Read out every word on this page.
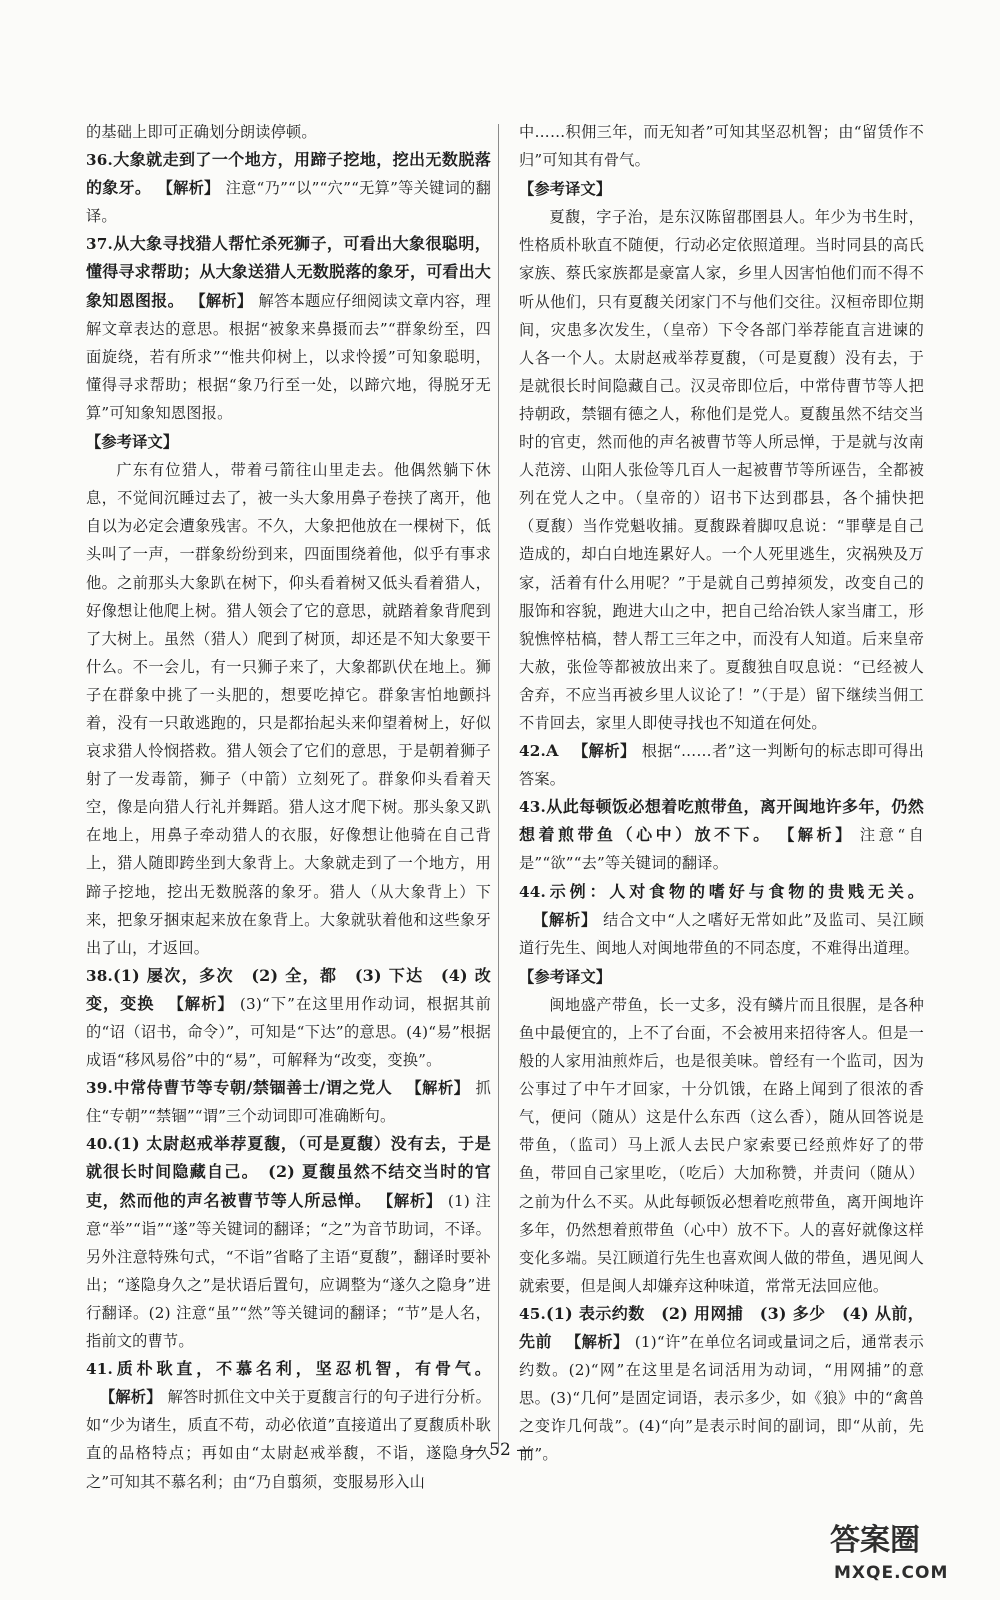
的基础上即可正确划分朗读停顿。

36.大象就走到了一个地方，用蹄子挖地，挖出无数脱落的象牙。 【解析】 注意“乃”“以”“穴”“无算”等关键词的翻译。

37.从大象寻找猎人帮忙杀死狮子，可看出大象很聪明，懂得寻求帮助；从大象送猎人无数脱落的象牙，可看出大象知恩图报。 【解析】 解答本题应仔细阅读文章内容，理解文章表达的意思。根据“被象来鼻摄而去”“群象纷至，四面旋绕，若有所求”“惟共仰树上，以求怜援”可知象聪明，懂得寻求帮助；根据“象乃行至一处，以蹄穴地，得脱牙无算”可知象知恩图报。

【参考译文】

广东有位猎人，带着弓箭往山里走去。他偶然躺下休息，不觉间沉睡过去了，被一头大象用鼻子卷挟了离开，他自以为必定会遭象残害。不久，大象把他放在一棵树下，低头叫了一声，一群象纷纷到来，四面围绕着他，似乎有事求他。之前那头大象趴在树下，仰头看着树又低头看着猎人，好像想让他爬上树。猎人领会了它的意思，就踏着象背爬到了大树上。虽然（猎人）爬到了树顶，却还是不知大象要干什么。不一会儿，有一只狮子来了，大象都趴伏在地上。狮子在群象中挑了一头肥的，想要吃掉它。群象害怕地颤抖着，没有一只敢逃跑的，只是都抬起头来仰望着树上，好似哀求猎人怜悯搭救。猎人领会了它们的意思，于是朝着狮子射了一发毒箭，狮子（中箭）立刻死了。群象仰头看着天空，像是向猎人行礼并舞蹈。猎人这才爬下树。那头象又趴在地上，用鼻子牵动猎人的衣服，好像想让他骑在自己背上，猎人随即跨坐到大象背上。大象就走到了一个地方，用蹄子挖地，挖出无数脱落的象牙。猎人（从大象背上）下来，把象牙捆束起来放在象背上。大象就驮着他和这些象牙出了山，才返回。

38.(1) 屡次，多次　(2) 全，都　(3) 下达　(4) 改变，变换 【解析】 (3)“下”在这里用作动词，根据其前的“诏（诏书，命令）”，可知是“下达”的意思。(4)“易”根据成语“移风易俗”中的“易”，可解释为“改变，变换”。

39.中常侍曹节等专朝/禁锢善士/谓之党人 【解析】 抓住“专朝”“禁锢”“谓”三个动词即可准确断句。

40.(1) 太尉赵戒举荐夏馥，（可是夏馥）没有去，于是就很长时间隐藏自己。　(2) 夏馥虽然不结交当时的官吏，然而他的声名被曹节等人所忌惮。 【解析】 (1) 注意“举”“诣”“遂”等关键词的翻译；“之”为音节助词，不译。另外注意特殊句式，“不诣”省略了主语“夏馥”，翻译时要补出；“遂隐身久之”是状语后置句，应调整为“遂久之隐身”进行翻译。(2) 注意“虽”“然”等关键词的翻译；“节”是人名，指前文的曹节。

41.质朴耿直，不慕名利，坚忍机智，有骨气。【解析】 解答时抓住文中关于夏馥言行的句子进行分析。如“少为诸生，质直不苟，动必依道”直接道出了夏馥质朴耿直的品格特点；再如由“太尉赵戒举馥，不诣，遂隐身久之”可知其不慕名利；由“乃自翦须，变服易形入山

中……积佣三年，而无知者”可知其坚忍机智；由“留赁作不归”可知其有骨气。

【参考译文】

夏馥，字子治，是东汉陈留郡圉县人。年少为书生时，性格质朴耿直不随便，行动必定依照道理。当时同县的高氏家族、蔡氏家族都是豪富人家，乡里人因害怕他们而不得不听从他们，只有夏馥关闭家门不与他们交往。汉桓帝即位期间，灾患多次发生，（皇帝）下令各部门举荐能直言进谏的人各一个人。太尉赵戒举荐夏馥，（可是夏馥）没有去，于是就很长时间隐藏自己。汉灵帝即位后，中常侍曹节等人把持朝政，禁锢有德之人，称他们是党人。夏馥虽然不结交当时的官吏，然而他的声名被曹节等人所忌惮，于是就与汝南人范滂、山阳人张俭等几百人一起被曹节等所诬告，全都被列在党人之中。（皇帝的）诏书下达到郡县，各个捕快把（夏馥）当作党魁收捕。夏馥跺着脚叹息说：“罪孽是自己造成的，却白白地连累好人。一个人死里逃生，灾祸殃及万家，活着有什么用呢？”于是就自己剪掉须发，改变自己的服饰和容貌，跑进大山之中，把自己给冶铁人家当庸工，形貌憔悴枯槁，替人帮工三年之中，而没有人知道。后来皇帝大赦，张俭等都被放出来了。夏馥独自叹息说：“已经被人舍弃，不应当再被乡里人议论了！”（于是）留下继续当佣工不肯回去，家里人即使寻找也不知道在何处。

42.A 【解析】 根据“……者”这一判断句的标志即可得出答案。

43.从此每顿饭必想着吃煎带鱼，离开闽地许多年，仍然想着煎带鱼（心中）放不下。 【解析】 注意“自是”“欲”“去”等关键词的翻译。

44.示例：人对食物的嗜好与食物的贵贱无关。【解析】 结合文中“人之嗜好无常如此”及监司、吴江顾道行先生、闽地人对闽地带鱼的不同态度，不难得出道理。

【参考译文】

闽地盛产带鱼，长一丈多，没有鳞片而且很腥，是各种鱼中最便宜的，上不了台面，不会被用来招待客人。但是一般的人家用油煎炸后，也是很美味。曾经有一个监司，因为公事过了中午才回家，十分饥饿，在路上闻到了很浓的香气，便问（随从）这是什么东西（这么香），随从回答说是带鱼，（监司）马上派人去民户家索要已经煎炸好了的带鱼，带回自己家里吃，（吃后）大加称赞，并责问（随从）之前为什么不买。从此每顿饭必想着吃煎带鱼，离开闽地许多年，仍然想着煎带鱼（心中）放不下。人的喜好就像这样变化多端。吴江顾道行先生也喜欢闽人做的带鱼，遇见闽人就索要，但是闽人却嫌弃这种味道，常常无法回应他。

45.(1) 表示约数　(2) 用网捕　(3) 多少　(4) 从前，先前 【解析】 (1)“许”在单位名词或量词之后，通常表示约数。(2)“网”在这里是名词活用为动词，“用网捕”的意思。(3)“几何”是固定词语，表示多少，如《狼》中的“禽兽之变诈几何哉”。(4)“向”是表示时间的副词，即“从前，先前”。

— 52 —
答案圈
MXQE.COM
